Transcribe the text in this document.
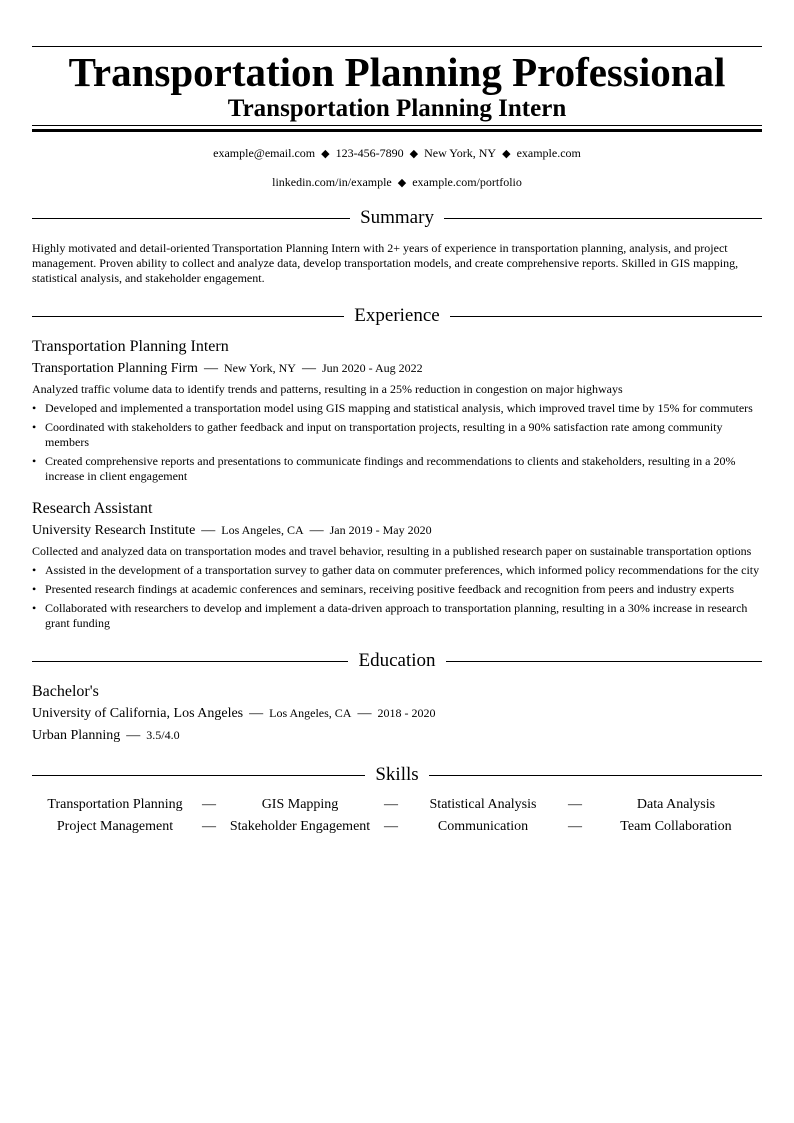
Transportation Planning Professional
Transportation Planning Intern
example@email.com ◆ 123-456-7890 ◆ New York, NY ◆ example.com
linkedin.com/in/example ◆ example.com/portfolio
Summary
Highly motivated and detail-oriented Transportation Planning Intern with 2+ years of experience in transportation planning, analysis, and project management. Proven ability to collect and analyze data, develop transportation models, and create comprehensive reports. Skilled in GIS mapping, statistical analysis, and stakeholder engagement.
Experience
Transportation Planning Intern
Transportation Planning Firm — New York, NY — Jun 2020 - Aug 2022
Analyzed traffic volume data to identify trends and patterns, resulting in a 25% reduction in congestion on major highways
• Developed and implemented a transportation model using GIS mapping and statistical analysis, which improved travel time by 15% for commuters
• Coordinated with stakeholders to gather feedback and input on transportation projects, resulting in a 90% satisfaction rate among community members
• Created comprehensive reports and presentations to communicate findings and recommendations to clients and stakeholders, resulting in a 20% increase in client engagement
Research Assistant
University Research Institute — Los Angeles, CA — Jan 2019 - May 2020
Collected and analyzed data on transportation modes and travel behavior, resulting in a published research paper on sustainable transportation options
• Assisted in the development of a transportation survey to gather data on commuter preferences, which informed policy recommendations for the city
• Presented research findings at academic conferences and seminars, receiving positive feedback and recognition from peers and industry experts
• Collaborated with researchers to develop and implement a data-driven approach to transportation planning, resulting in a 30% increase in research grant funding
Education
Bachelor's
University of California, Los Angeles — Los Angeles, CA — 2018 - 2020
Urban Planning — 3.5/4.0
Skills
Transportation Planning	—	GIS Mapping	—	Statistical Analysis	—	Data Analysis
Project Management	— Stakeholder Engagement —	Communication	—	Team Collaboration
